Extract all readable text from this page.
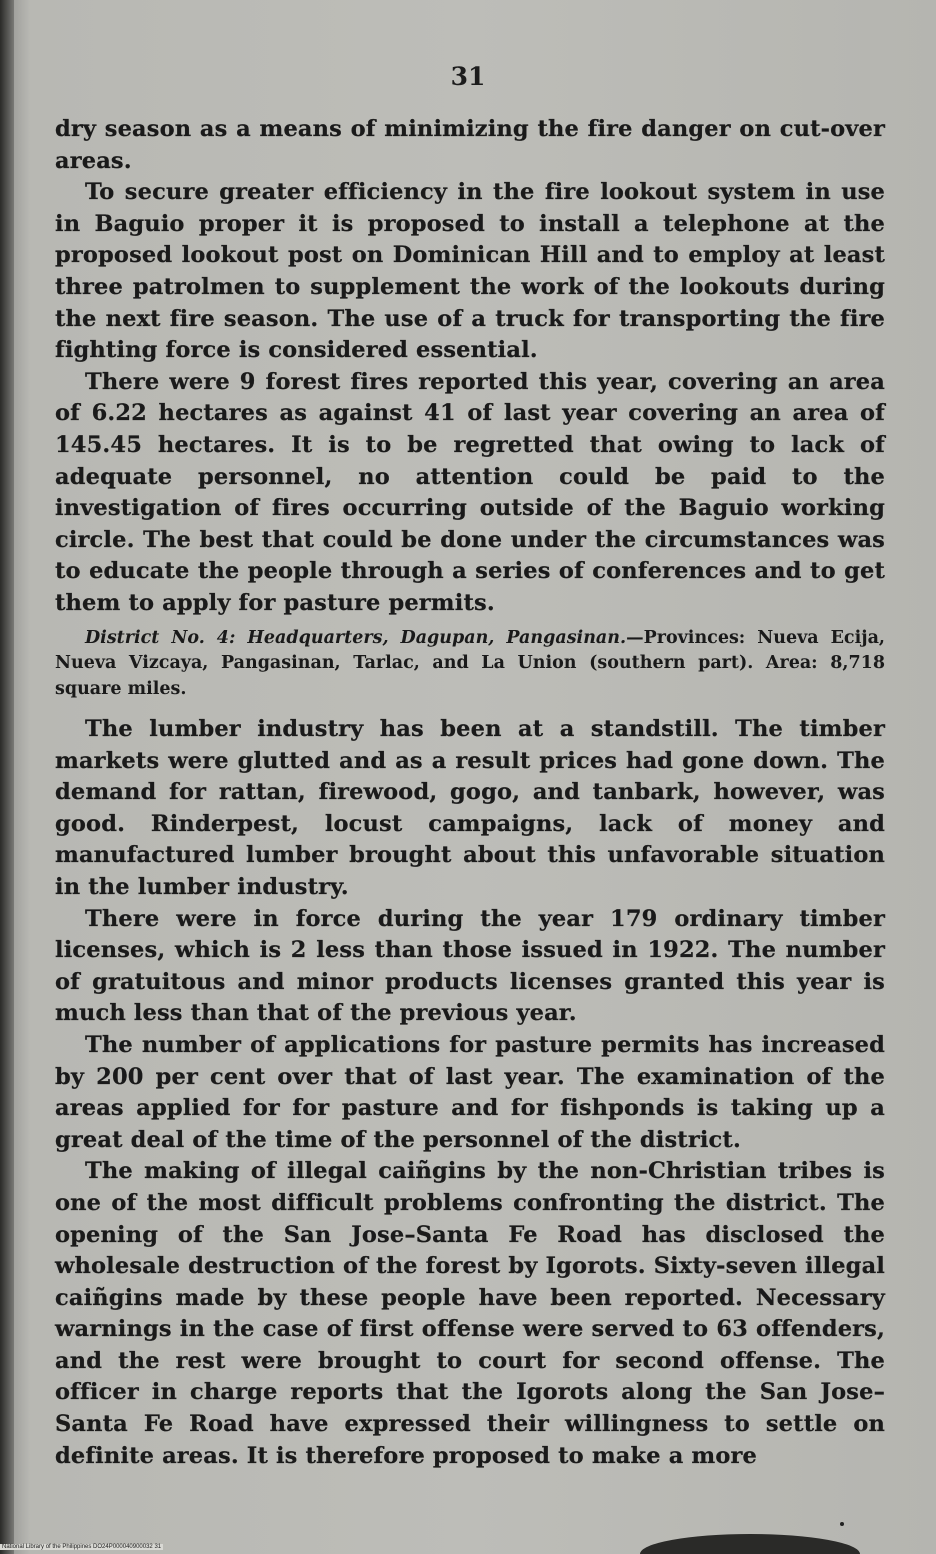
31

dry season as a means of minimizing the fire danger on cut-over areas.

To secure greater efficiency in the fire lookout system in use in Baguio proper it is proposed to install a telephone at the proposed lookout post on Dominican Hill and to employ at least three patrolmen to supplement the work of the lookouts during the next fire season. The use of a truck for transporting the fire fighting force is considered essential.

There were 9 forest fires reported this year, covering an area of 6.22 hectares as against 41 of last year covering an area of 145.45 hectares. It is to be regretted that owing to lack of adequate personnel, no attention could be paid to the investigation of fires occurring outside of the Baguio working circle. The best that could be done under the circumstances was to educate the people through a series of conferences and to get them to apply for pasture permits.

District No. 4: Headquarters, Dagupan, Pangasinan.—Provinces: Nueva Ecija, Nueva Vizcaya, Pangasinan, Tarlac, and La Union (southern part). Area: 8,718 square miles.

The lumber industry has been at a standstill. The timber markets were glutted and as a result prices had gone down. The demand for rattan, firewood, gogo, and tanbark, however, was good. Rinderpest, locust campaigns, lack of money and manufactured lumber brought about this unfavorable situation in the lumber industry.

There were in force during the year 179 ordinary timber licenses, which is 2 less than those issued in 1922. The number of gratuitous and minor products licenses granted this year is much less than that of the previous year.

The number of applications for pasture permits has increased by 200 per cent over that of last year. The examination of the areas applied for for pasture and for fishponds is taking up a great deal of the time of the personnel of the district.

The making of illegal caiñgins by the non-Christian tribes is one of the most difficult problems confronting the district. The opening of the San Jose–Santa Fe Road has disclosed the wholesale destruction of the forest by Igorots. Sixty-seven illegal caiñgins made by these people have been reported. Necessary warnings in the case of first offense were served to 63 offenders, and the rest were brought to court for second offense. The officer in charge reports that the Igorots along the San Jose–Santa Fe Road have expressed their willingness to settle on definite areas. It is therefore proposed to make a more

National Library of the Philippines DO24P000040900032 31
